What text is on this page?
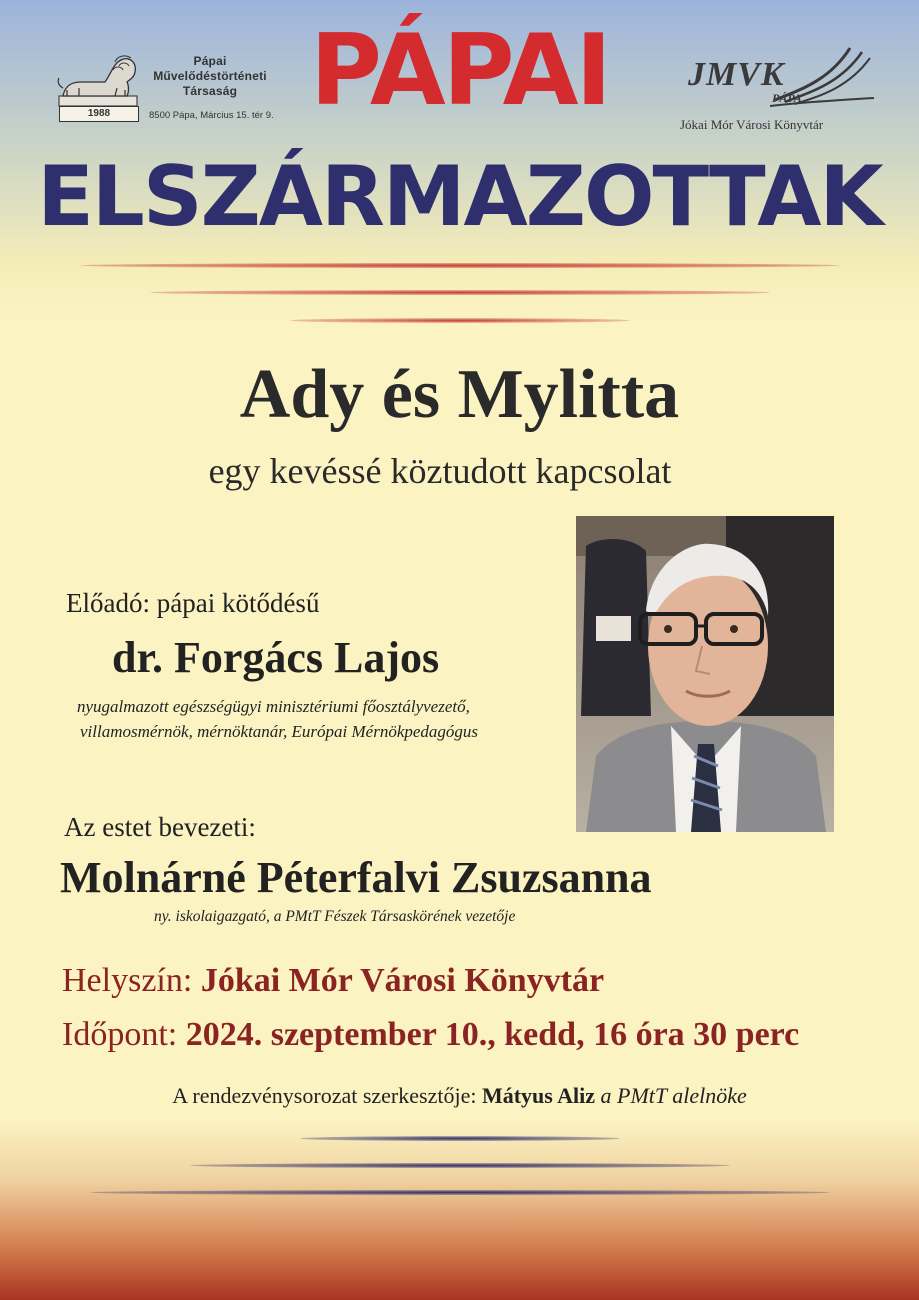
1988
Pápai
Művelődéstörténeti
Társaság
8500 Pápa, Március 15. tér 9.
JMVK
PÁPA
Jókai Mór Városi Könyvtár
PÁPAI
ELSZÁRMAZOTTAK
Ady és Mylitta
egy kevéssé köztudott kapcsolat
Előadó: pápai kötődésű
dr. Forgács Lajos
nyugalmazott egészségügyi minisztériumi főosztályvezető,
villamosmérnök, mérnöktanár, Európai Mérnökpedagógus
Az estet bevezeti:
Molnárné Péterfalvi Zsuzsanna
ny. iskolaigazgató, a PMtT Fészek Társaskörének vezetője
Helyszín: Jókai Mór Városi Könyvtár
Időpont: 2024. szeptember 10., kedd, 16 óra 30 perc
A rendezvénysorozat szerkesztője: Mátyus Aliz a PMtT alelnöke
